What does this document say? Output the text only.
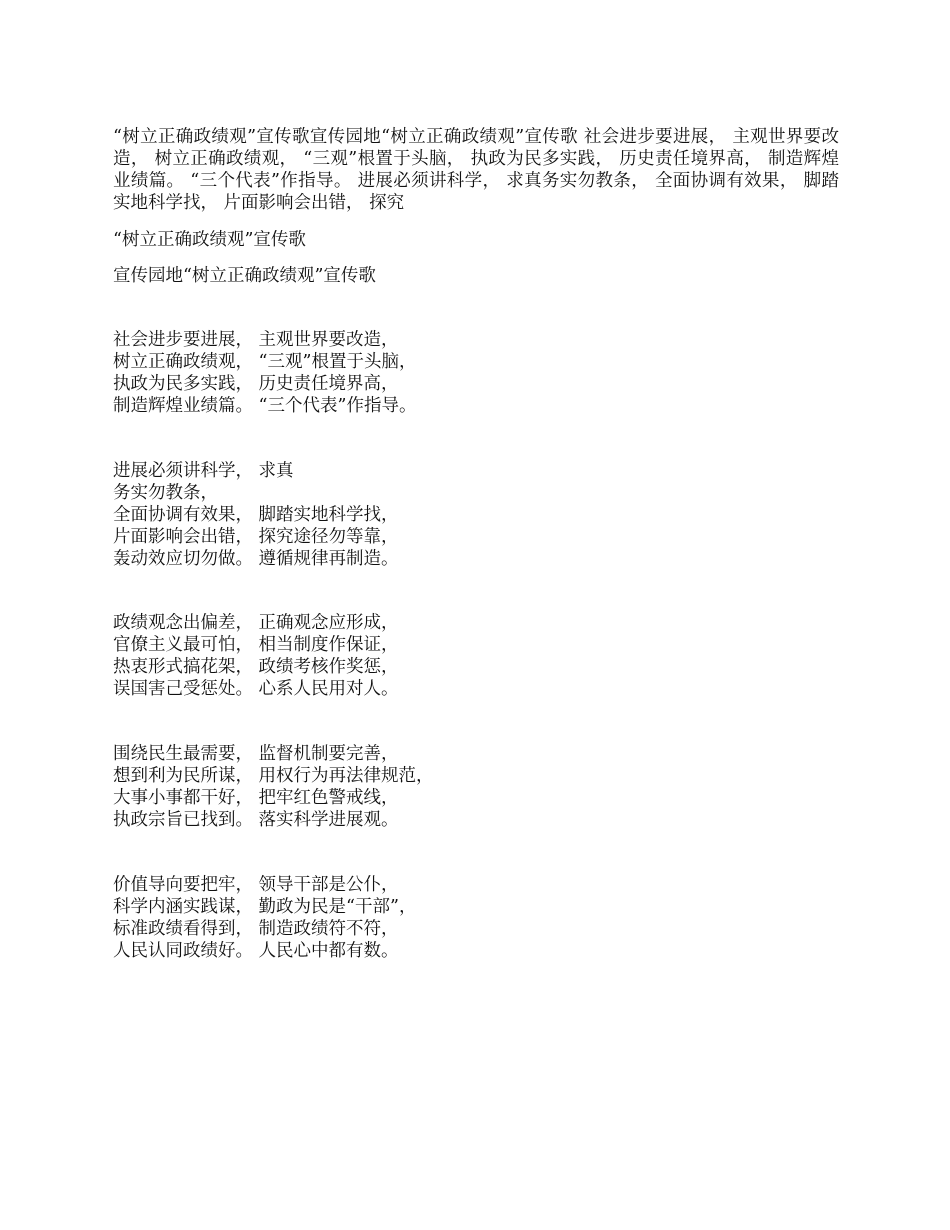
“树立正确政绩观”宣传歌宣传园地“树立正确政绩观”宣传歌 社会进步要进展， 主观世界要改造， 树立正确政绩观， “三观”根置于头脑， 执政为民多实践， 历史责任境界高， 制造辉煌业绩篇。 “三个代表”作指导。 进展必须讲科学， 求真务实勿教条， 全面协调有效果， 脚踏实地科学找， 片面影响会出错， 探究
“树立正确政绩观”宣传歌
宣传园地“树立正确政绩观”宣传歌
社会进步要进展， 主观世界要改造，
树立正确政绩观， “三观”根置于头脑，
执政为民多实践， 历史责任境界高，
制造辉煌业绩篇。 “三个代表”作指导。
进展必须讲科学， 求真
务实勿教条，
全面协调有效果， 脚踏实地科学找，
片面影响会出错， 探究途径勿等靠，
轰动效应切勿做。 遵循规律再制造。
政绩观念出偏差， 正确观念应形成，
官僚主义最可怕， 相当制度作保证，
热衷形式搞花架， 政绩考核作奖惩，
误国害己受惩处。 心系人民用对人。
围绕民生最需要， 监督机制要完善，
想到利为民所谋， 用权行为再法律规范，
大事小事都干好， 把牢红色警戒线，
执政宗旨已找到。 落实科学进展观。
价值导向要把牢， 领导干部是公仆，
科学内涵实践谋， 勤政为民是“干部”，
标准政绩看得到， 制造政绩符不符，
人民认同政绩好。 人民心中都有数。
